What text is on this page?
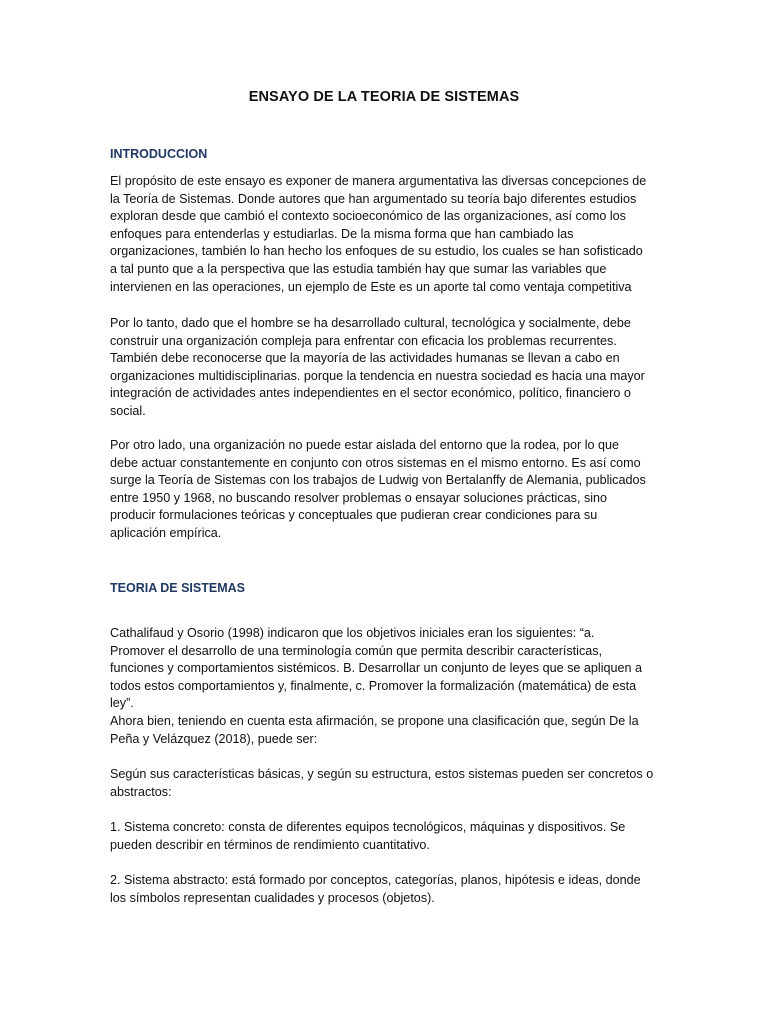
ENSAYO DE LA TEORIA DE SISTEMAS
INTRODUCCION
El propósito de este ensayo es exponer de manera argumentativa las diversas concepciones de
la Teoría de Sistemas. Donde autores que han argumentado su teoría bajo diferentes estudios
exploran desde que cambió el contexto socioeconómico de las organizaciones, así como los
enfoques para entenderlas y estudiarlas. De la misma forma que han cambiado las
organizaciones, también lo han hecho los enfoques de su estudio, los cuales se han sofisticado
a tal punto que a la perspectiva que las estudia también hay que sumar las variables que
intervienen en las operaciones, un ejemplo de Este es un aporte tal como ventaja competitiva
Por lo tanto, dado que el hombre se ha desarrollado cultural, tecnológica y socialmente, debe
construir una organización compleja para enfrentar con eficacia los problemas recurrentes.
También debe reconocerse que la mayoría de las actividades humanas se llevan a cabo en
organizaciones multidisciplinarias. porque la tendencia en nuestra sociedad es hacia una mayor
integración de actividades antes independientes en el sector económico, político, financiero o
social.
Por otro lado, una organización no puede estar aislada del entorno que la rodea, por lo que
debe actuar constantemente en conjunto con otros sistemas en el mismo entorno. Es así como
surge la Teoría de Sistemas con los trabajos de Ludwig von Bertalanffy de Alemania, publicados
entre 1950 y 1968, no buscando resolver problemas o ensayar soluciones prácticas, sino
producir formulaciones teóricas y conceptuales que pudieran crear condiciones para su
aplicación empírica.
TEORIA DE SISTEMAS
Cathalifaud y Osorio (1998) indicaron que los objetivos iniciales eran los siguientes: “a.
Promover el desarrollo de una terminología común que permita describir características,
funciones y comportamientos sistémicos. B. Desarrollar un conjunto de leyes que se apliquen a
todos estos comportamientos y, finalmente, c. Promover la formalización (matemática) de esta
ley”.
Ahora bien, teniendo en cuenta esta afirmación, se propone una clasificación que, según De la
Peña y Velázquez (2018), puede ser:
Según sus características básicas, y según su estructura, estos sistemas pueden ser concretos o
abstractos:
1. Sistema concreto: consta de diferentes equipos tecnológicos, máquinas y dispositivos. Se
pueden describir en términos de rendimiento cuantitativo.
2. Sistema abstracto: está formado por conceptos, categorías, planos, hipótesis e ideas, donde
los símbolos representan cualidades y procesos (objetos).
